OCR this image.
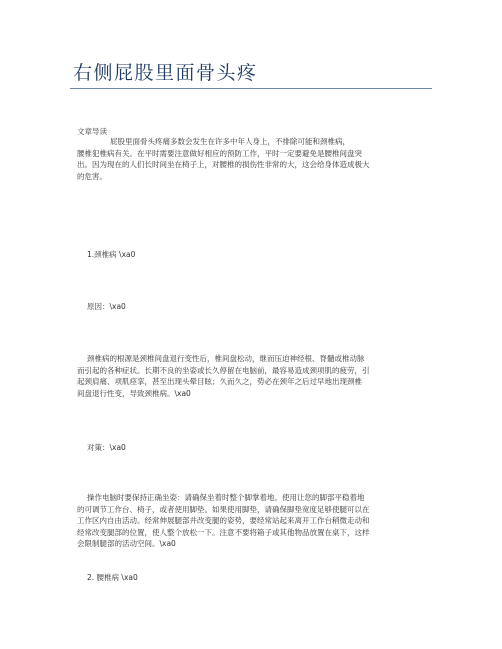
右侧屁股里面骨头疼
文章导读

屁股里面骨头疼痛多数会发生在许多中年人身上，不排除可能和颈椎病，
腰椎犯椎病有关。在平时需要注意做好相应的预防工作，平时一定要避免是腰椎间盘突
出。因为现在的人们长时间坐在椅子上，对腰椎的损伤性非常的大，这会给身体造成极大
的危害。

1.颈椎病 \xa0
原因：\xa0

颈椎病的根源是颈椎间盘退行变性后，椎间盘松动，继而压迫神经根、脊髓或椎动脉
而引起的各种症状。长期不良的坐姿或长久停留在电脑前，最容易造成颈项肌的疲劳，引
起颈肩痛、项肌痉挛，甚至出现头晕目眩；久而久之，势必在颈年之后过早地出现颈椎
间盘退行性变，导致颈椎病。\xa0

对策：\xa0

操作电脑时要保持正确坐姿：请确保坐着时整个脚掌着地。使用让您的脚部平稳着地
的可调节工作台、椅子，或者使用脚垫。如果使用脚垫，请确保脚垫宽度足够使腿可以在
工作区内自由活动。经常伸展腿部并改变腿的姿势，要经常站起来离开工作台稍微走动和
经常改变腿部的位置，使人整个放松一下。注意不要将箱子或其他物品放置在桌下，这样
会限制腿部的活动空间。\xa0

2. 腰椎病 \xa0
